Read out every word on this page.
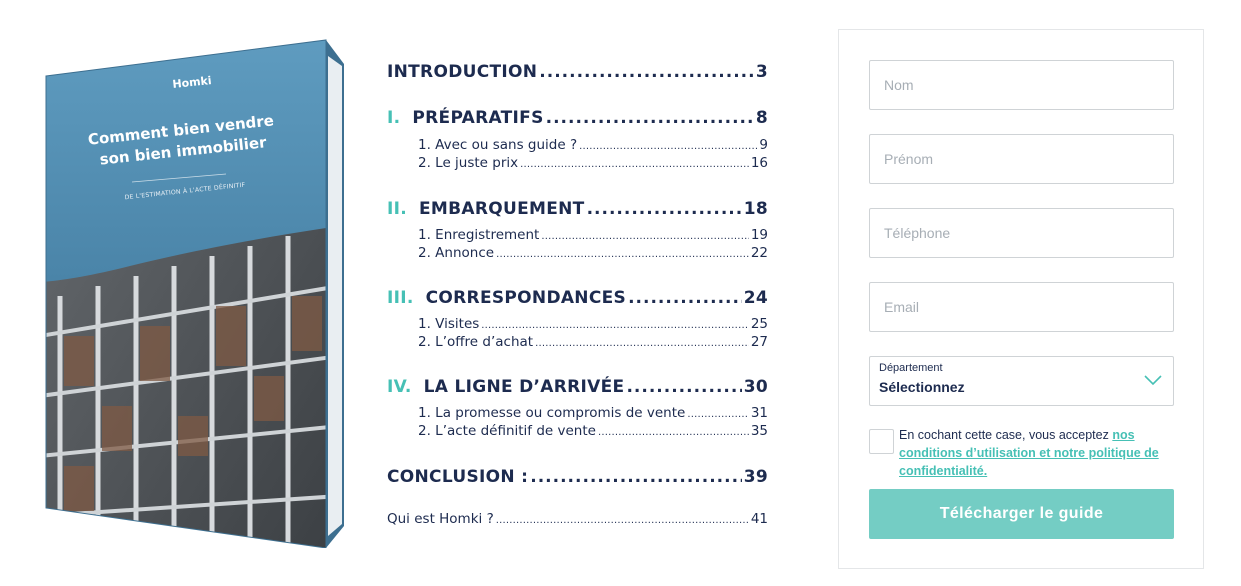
Homki
Comment bien vendre son bien immobilier
DE L'ESTIMATION À L'ACTE DÉFINITIF
INTRODUCTION .....	3
I. PRÉPARATIFS .....	8
1. Avec ou sans guide ? .....	9
2. Le juste prix .....	16
II. EMBARQUEMENT .....	18
1. Enregistrement .....	19
2. Annonce .....	22
III. CORRESPONDANCES .....	24
1. Visites .....	25
2. L’offre d’achat .....	27
IV. LA LIGNE D’ARRIVÉE .....	30
1. La promesse ou compromis de vente .....	31
2. L’acte définitif de vente .....	35
CONCLUSION : .....	39
Qui est Homki ? .....	41
Nom
Prénom
Téléphone
Email
Département
Sélectionnez
En cochant cette case, vous acceptez nos conditions d’utilisation et notre politique de confidentialité.
Télécharger le guide
